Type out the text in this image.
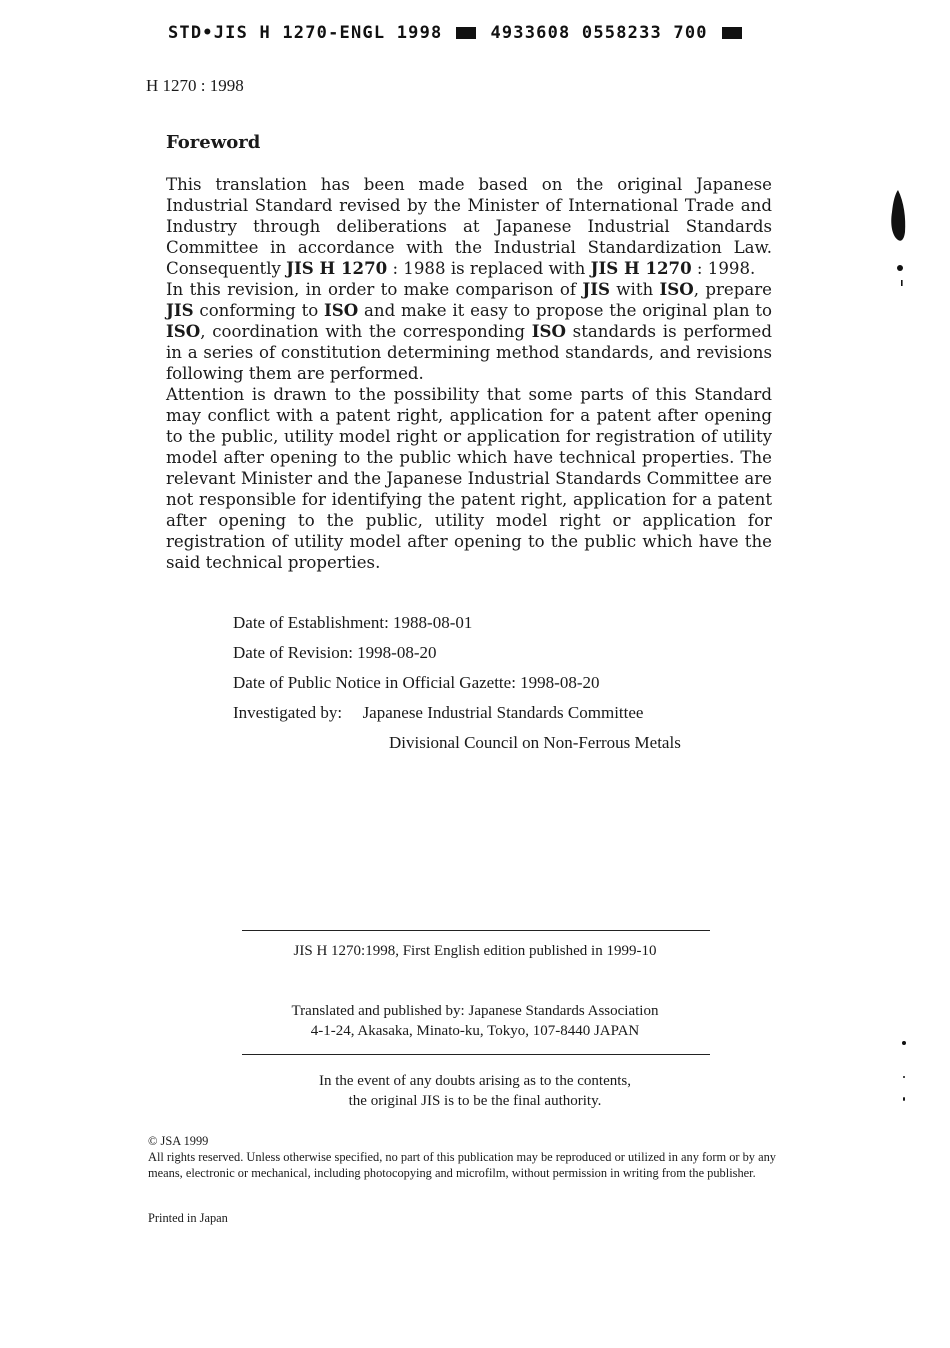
STD•JIS H 1270-ENGL 1998	4933608 0558233 700
H 1270 : 1998
Foreword

This translation has been made based on the original Japanese Industrial Standard revised by the Minister of International Trade and Industry through deliberations at Japanese Industrial Standards Committee in accordance with the Industrial Standardization Law. Consequently JIS H 1270 : 1988 is replaced with JIS H 1270 : 1998.

In this revision, in order to make comparison of JIS with ISO, prepare JIS conforming to ISO and make it easy to propose the original plan to ISO, coordination with the corresponding ISO standards is performed in a series of constitution determining method standards, and revisions following them are performed.

Attention is drawn to the possibility that some parts of this Standard may conflict with a patent right, application for a patent after opening to the public, utility model right or application for registration of utility model after opening to the public which have technical properties. The relevant Minister and the Japanese Industrial Standards Committee are not responsible for identifying the patent right, application for a patent after opening to the public, utility model right or application for registration of utility model after opening to the public which have the said technical properties.

Date of Establishment: 1988-08-01
Date of Revision: 1998-08-20
Date of Public Notice in Official Gazette: 1998-08-20
Investigated by: Japanese Industrial Standards Committee
Divisional Council on Non-Ferrous Metals
JIS H 1270:1998, First English edition published in 1999-10
Translated and published by: Japanese Standards Association
4-1-24, Akasaka, Minato-ku, Tokyo, 107-8440 JAPAN
In the event of any doubts arising as to the contents,
the original JIS is to be the final authority.
© JSA 1999
All rights reserved. Unless otherwise specified, no part of this publication may be reproduced or utilized in any form or by any means, electronic or mechanical, including photocopying and microfilm, without permission in writing from the publisher.
Printed in Japan
